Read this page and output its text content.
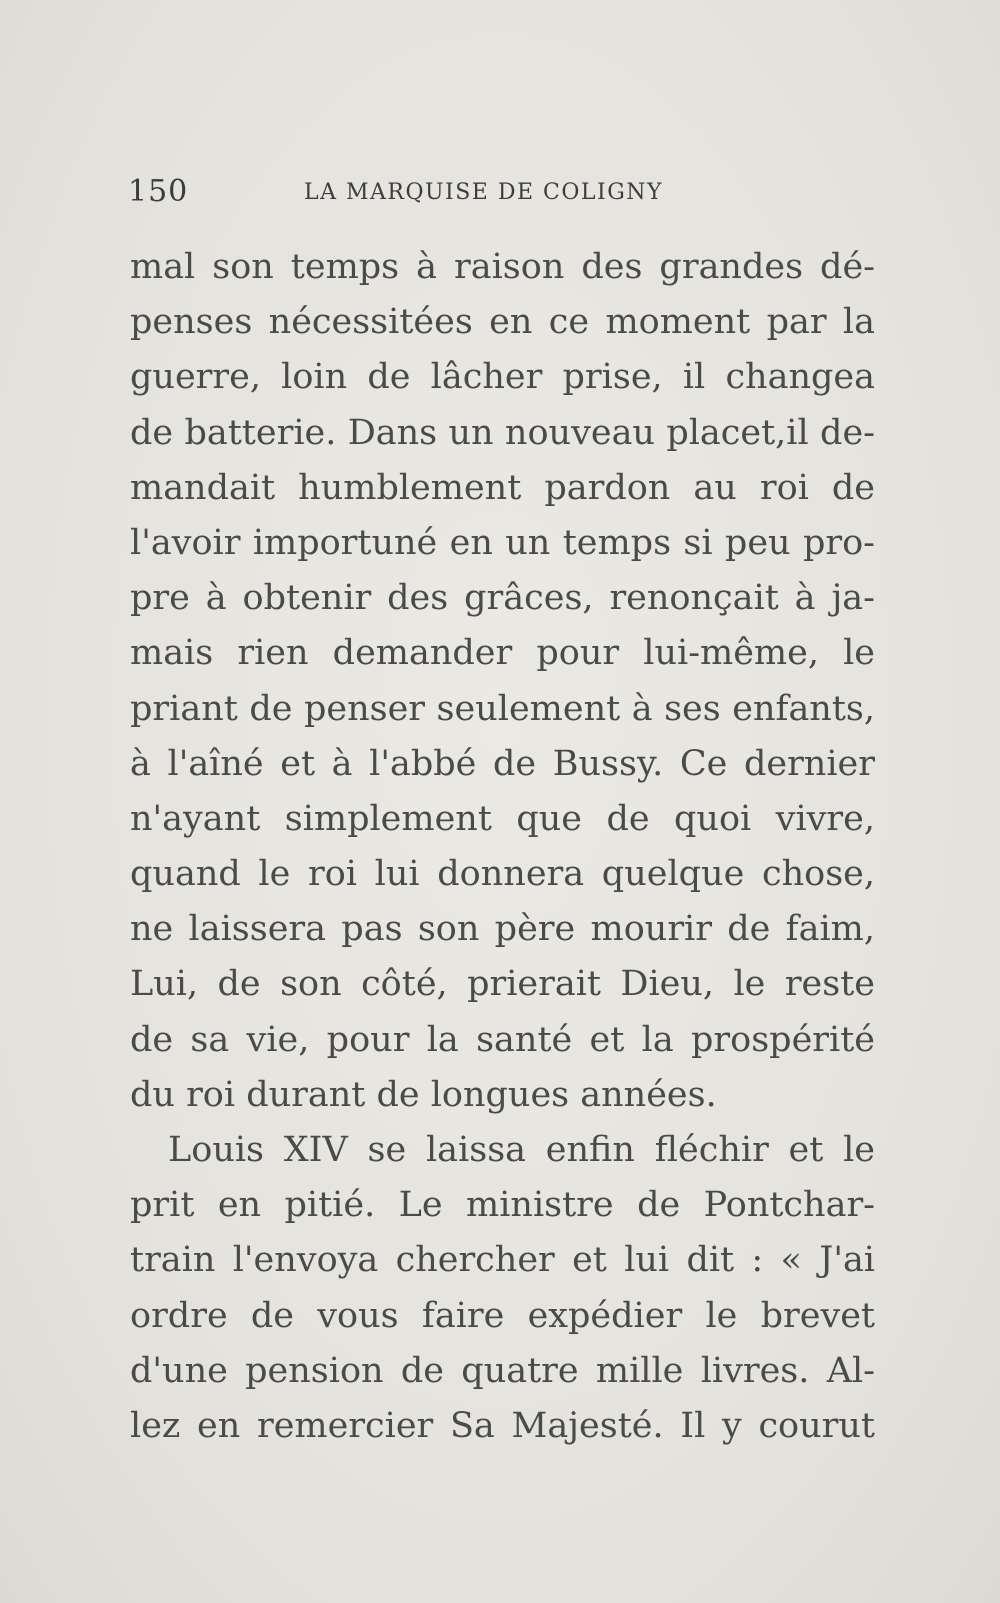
150	LA MARQUISE DE COLIGNY
mal son temps à raison des grandes dé-
penses nécessitées en ce moment par la
guerre, loin de lâcher prise, il changea
de batterie. Dans un nouveau placet,il de-
mandait humblement pardon au roi de
l'avoir importuné en un temps si peu pro-
pre à obtenir des grâces, renonçait à ja-
mais rien demander pour lui-même, le
priant de penser seulement à ses enfants,
à l'aîné et à l'abbé de Bussy. Ce dernier
n'ayant simplement que de quoi vivre,
quand le roi lui donnera quelque chose,
ne laissera pas son père mourir de faim,
Lui, de son côté, prierait Dieu, le reste
de sa vie, pour la santé et la prospérité
du roi durant de longues années.
Louis XIV se laissa enfin fléchir et le
prit en pitié. Le ministre de Pontchar-
train l'envoya chercher et lui dit : « J'ai
ordre de vous faire expédier le brevet
d'une pension de quatre mille livres. Al-
lez en remercier Sa Majesté. Il y courut
